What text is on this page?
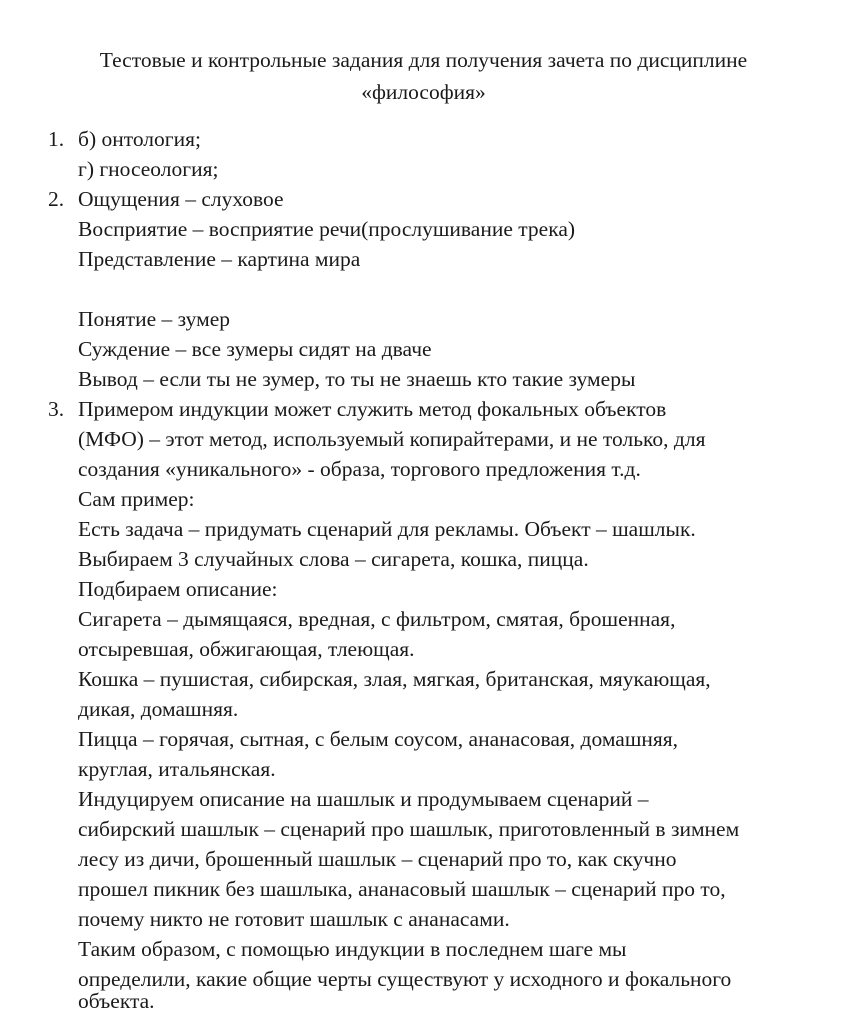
Тестовые и контрольные задания для получения зачета по дисциплине
«философия»
1. б) онтология;
г) гносеология;
2. Ощущения – слуховое
Восприятие – восприятие речи(прослушивание трека)
Представление – картина мира
Понятие – зумер
Суждение – все зумеры сидят на дваче
Вывод – если ты не зумер, то ты не знаешь кто такие зумеры
3. Примером индукции может служить метод фокальных объектов
(МФО) – этот метод, используемый копирайтерами, и не только, для
создания «уникального» - образа, торгового предложения т.д.
Сам пример:
Есть задача – придумать сценарий для рекламы. Объект – шашлык.
Выбираем 3 случайных слова – сигарета, кошка, пицца.
Подбираем описание:
Сигарета – дымящаяся, вредная, с фильтром, смятая, брошенная,
отсыревшая, обжигающая, тлеющая.
Кошка – пушистая, сибирская, злая, мягкая, британская, мяукающая,
дикая, домашняя.
Пицца – горячая, сытная, с белым соусом, ананасовая, домашняя,
круглая, итальянская.
Индуцируем описание на шашлык и продумываем сценарий –
сибирский шашлык – сценарий про шашлык, приготовленный в зимнем
лесу из дичи, брошенный шашлык – сценарий про то, как скучно
прошел пикник без шашлыка, ананасовый шашлык – сценарий про то,
почему никто не готовит шашлык с ананасами.
Таким образом, с помощью индукции в последнем шаге мы
определили, какие общие черты существуют у исходного и фокального
объекта.
